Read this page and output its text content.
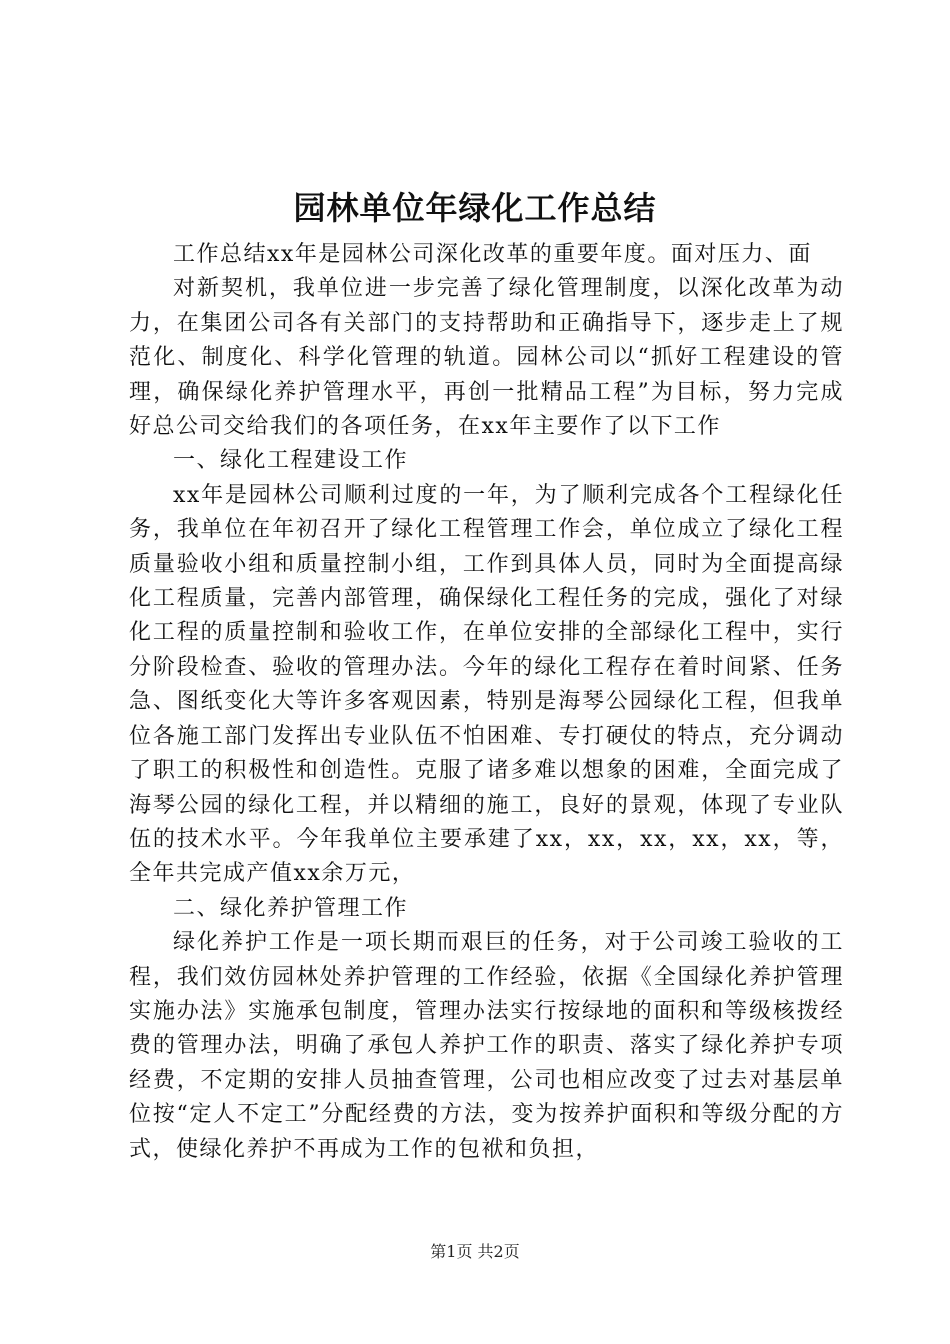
园林单位年绿化工作总结

工作总结xx年是园林公司深化改革的重要年度。面对压力、面

对新契机，我单位进一步完善了绿化管理制度，以深化改革为动力，在集团公司各有关部门的支持帮助和正确指导下，逐步走上了规范化、制度化、科学化管理的轨道。园林公司以“抓好工程建设的管理，确保绿化养护管理水平，再创一批精品工程”为目标，努力完成好总公司交给我们的各项任务，在xx年主要作了以下工作

一、绿化工程建设工作

xx年是园林公司顺利过度的一年，为了顺利完成各个工程绿化任务，我单位在年初召开了绿化工程管理工作会，单位成立了绿化工程质量验收小组和质量控制小组，工作到具体人员，同时为全面提高绿化工程质量，完善内部管理，确保绿化工程任务的完成，强化了对绿化工程的质量控制和验收工作，在单位安排的全部绿化工程中，实行分阶段检查、验收的管理办法。今年的绿化工程存在着时间紧、任务急、图纸变化大等许多客观因素，特别是海琴公园绿化工程，但我单位各施工部门发挥出专业队伍不怕困难、专打硬仗的特点，充分调动了职工的积极性和创造性。克服了诸多难以想象的困难，全面完成了海琴公园的绿化工程，并以精细的施工，良好的景观，体现了专业队伍的技术水平。今年我单位主要承建了xx，xx，xx，xx，xx，等，全年共完成产值xx余万元，

二、绿化养护管理工作

绿化养护工作是一项长期而艰巨的任务，对于公司竣工验收的工程，我们效仿园林处养护管理的工作经验，依据《全国绿化养护管理实施办法》实施承包制度，管理办法实行按绿地的面积和等级核拨经费的管理办法，明确了承包人养护工作的职责、落实了绿化养护专项经费，不定期的安排人员抽查管理，公司也相应改变了过去对基层单位按“定人不定工”分配经费的方法，变为按养护面积和等级分配的方式，使绿化养护不再成为工作的包袱和负担，

第1页 共2页
